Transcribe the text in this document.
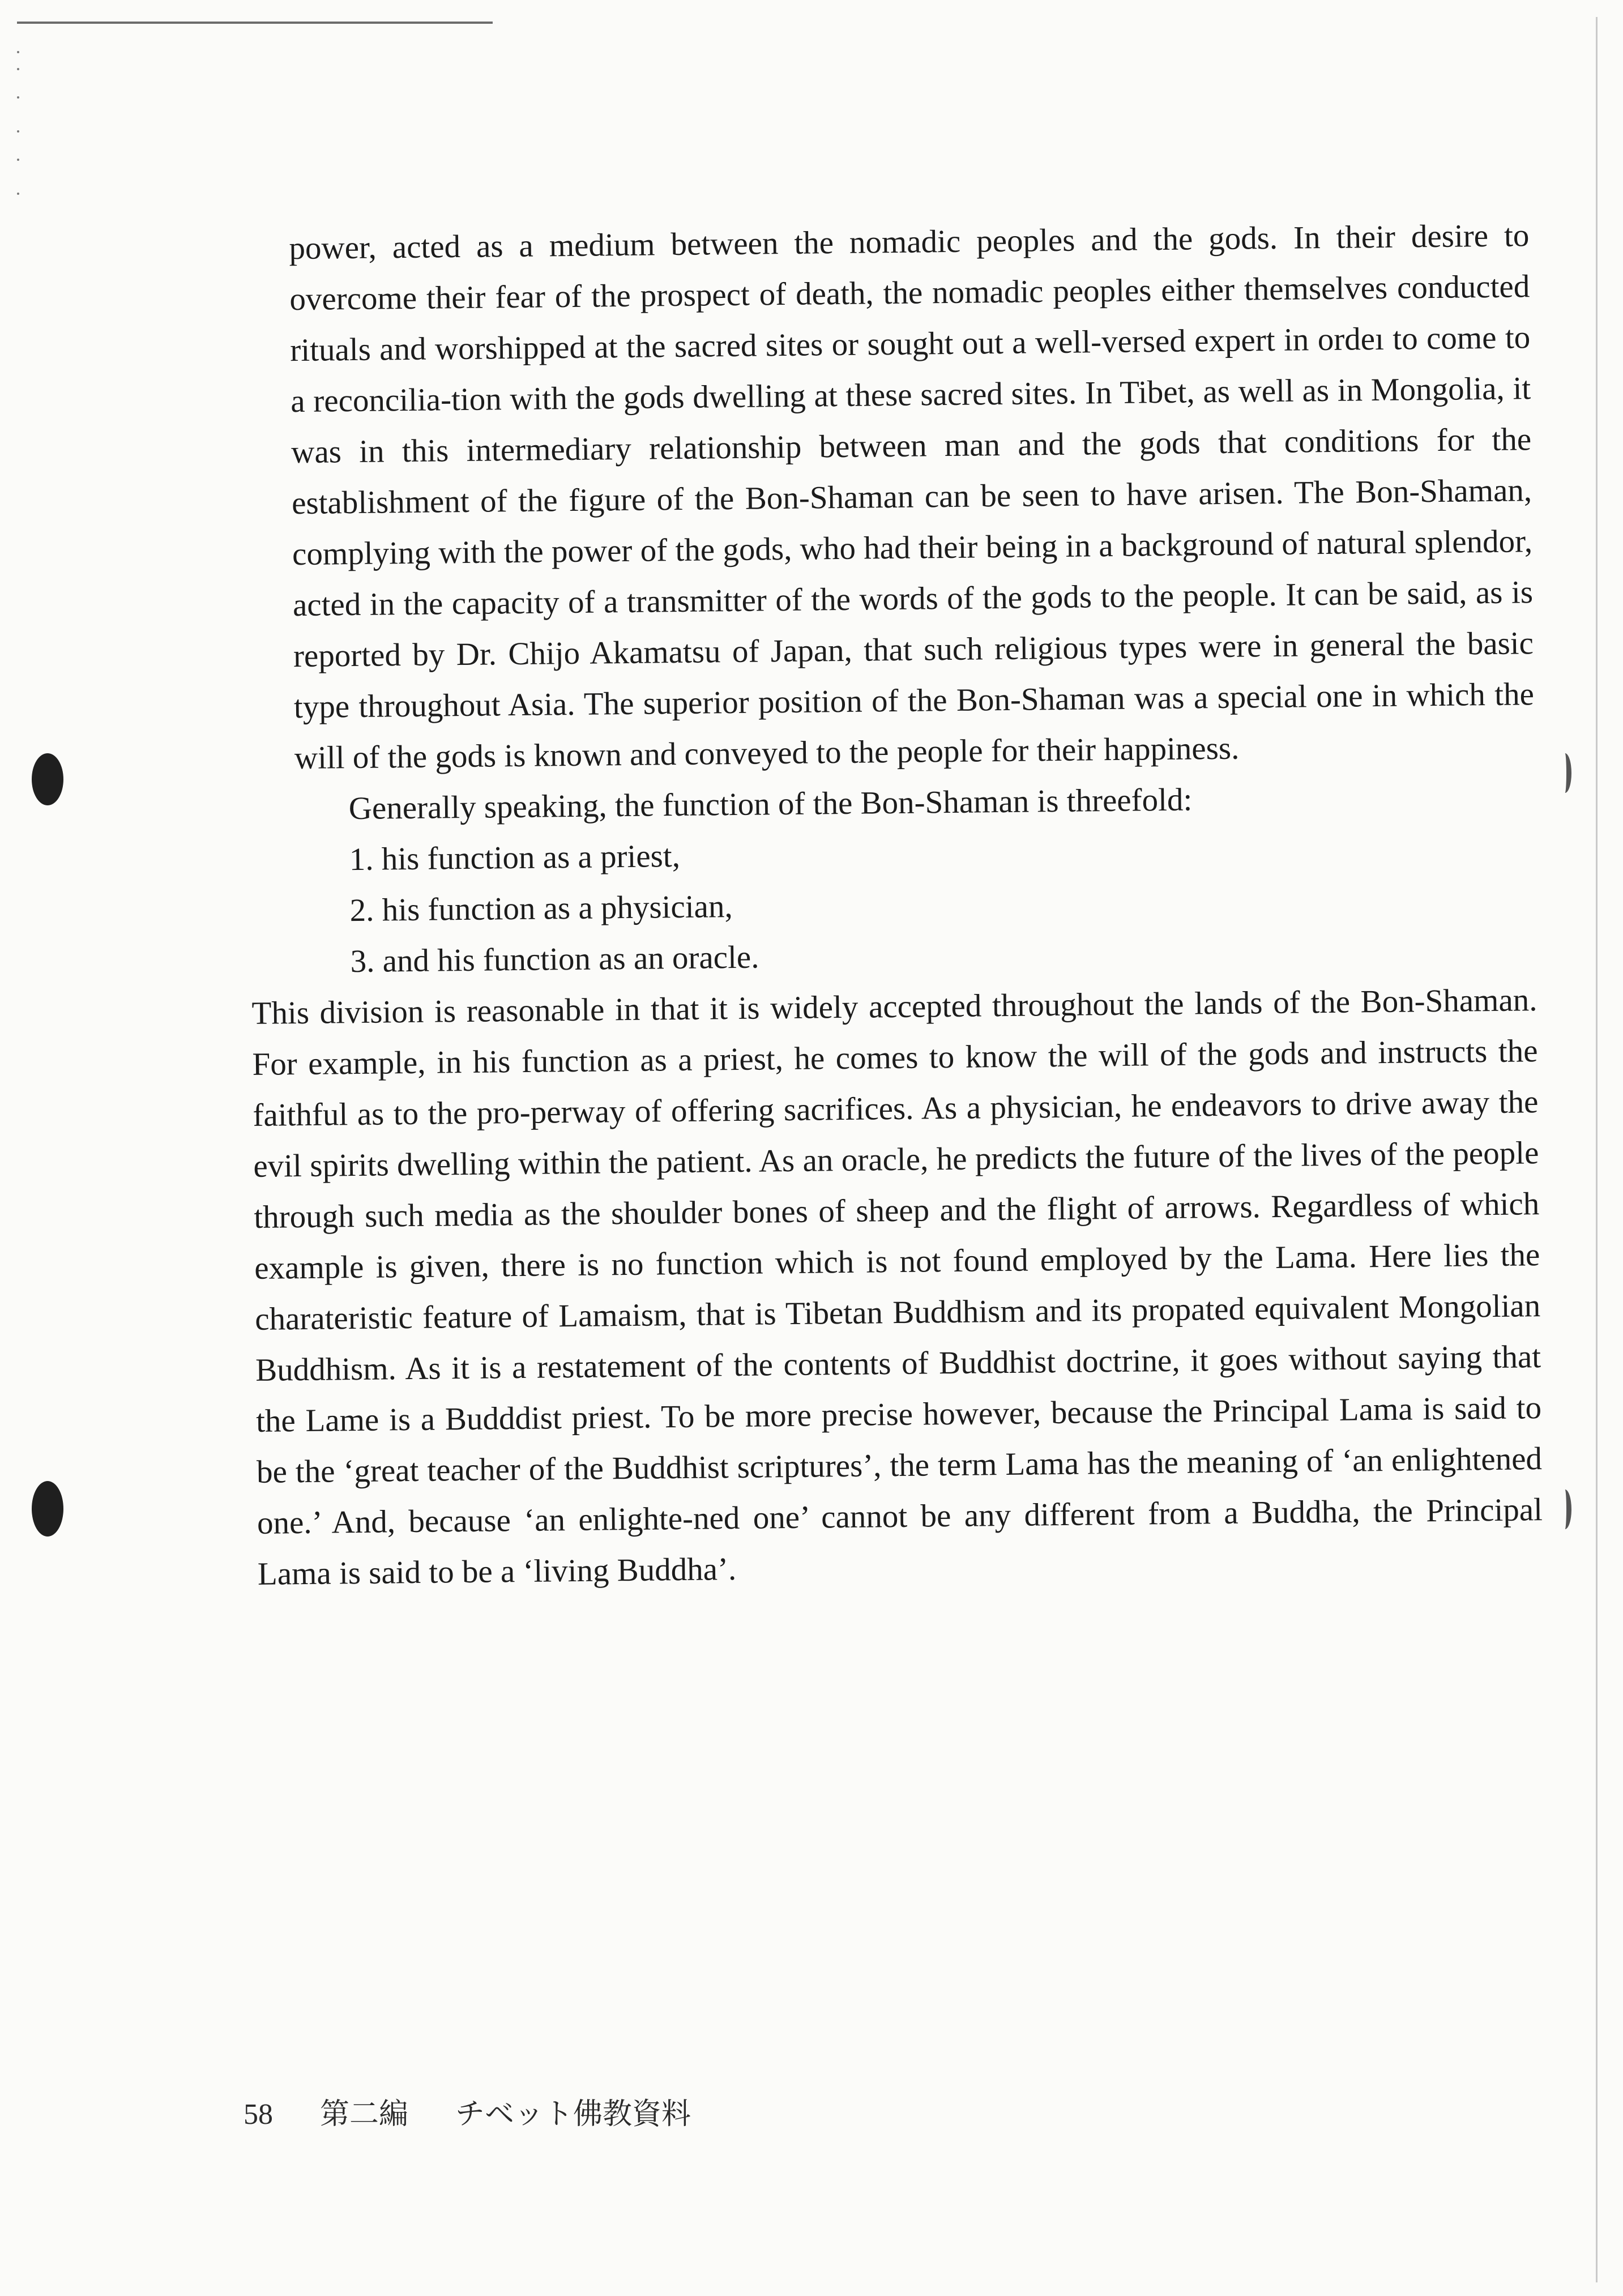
power, acted as a medium between the nomadic peoples and the gods. In their desire to overcome their fear of the prospect of death, the nomadic peoples either themselves conducted rituals and worshipped at the sacred sites or sought out a well-versed expert in ordeı to come to a reconcilia-tion with the gods dwelling at these sacred sites. In Tibet, as well as in Mongolia, it was in this intermediary relationship between man and the gods that conditions for the establishment of the figure of the Bon-Shaman can be seen to have arisen. The Bon-Shaman, complying with the power of the gods, who had their being in a background of natural splendor, acted in the capacity of a transmitter of the words of the gods to the people. It can be said, as is reported by Dr. Chijo Akamatsu of Japan, that such religious types were in general the basic type throughout Asia. The superior position of the Bon-Shaman was a special one in which the will of the gods is known and conveyed to the people for their happiness.

Generally speaking, the function of the Bon-Shaman is threefold:

1. his function as a priest,

2. his function as a physician,

3. and his function as an oracle.

This division is reasonable in that it is widely accepted throughout the lands of the Bon-Shaman. For example, in his function as a priest, he comes to know the will of the gods and instructs the faithful as to the pro-perway of offering sacrifices. As a physician, he endeavors to drive away the evil spirits dwelling within the patient. As an oracle, he predicts the future of the lives of the people through such media as the shoulder bones of sheep and the flight of arrows. Regardless of which example is given, there is no function which is not found employed by the Lama. Here lies the charateristic feature of Lamaism, that is Tibetan Buddhism and its propated equivalent Mongolian Buddhism. As it is a restatement of the contents of Buddhist doctrine, it goes without saying that the Lame is a Budddist priest. To be more precise however, because the Principal Lama is said to be the ‘great teacher of the Buddhist scriptures’, the term Lama has the meaning of ‘an enlightened one.’ And, because ‘an enlighte-ned one’ cannot be any different from a Buddha, the Principal Lama is said to be a ‘living Buddha’.

58 第二編 チベット佛教資料
